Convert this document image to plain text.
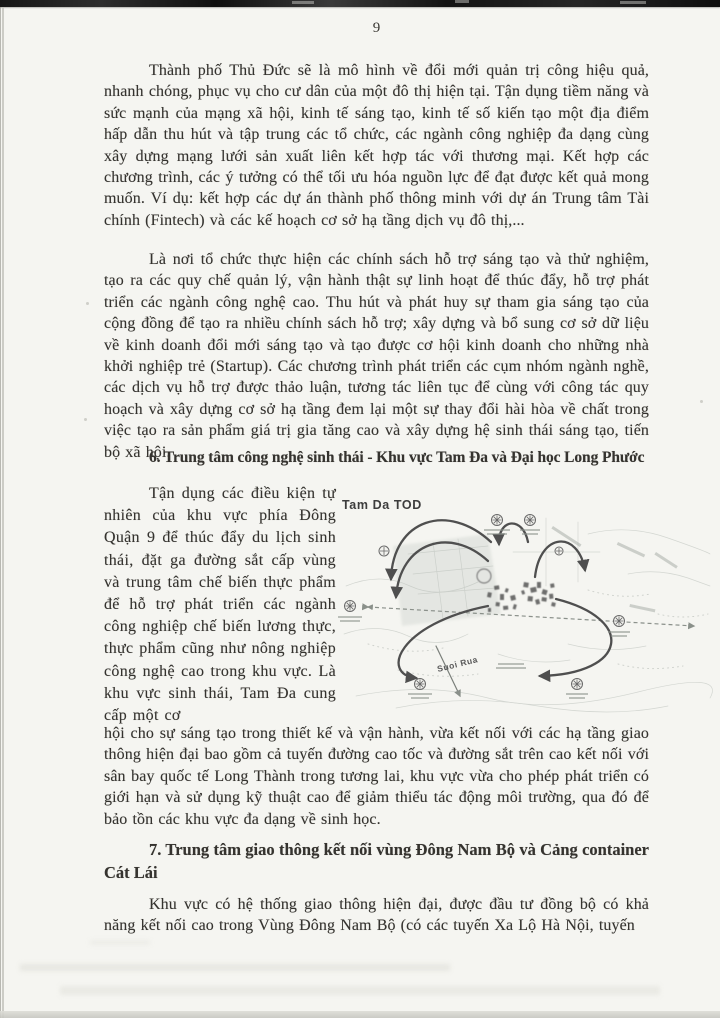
9

Thành phố Thủ Đức sẽ là mô hình về đổi mới quản trị công hiệu quả, nhanh chóng, phục vụ cho cư dân của một đô thị hiện tại. Tận dụng tiềm năng và sức mạnh của mạng xã hội, kinh tế sáng tạo, kinh tế số kiến tạo một địa điểm hấp dẫn thu hút và tập trung các tổ chức, các ngành công nghiệp đa dạng cùng xây dựng mạng lưới sản xuất liên kết hợp tác với thương mại. Kết hợp các chương trình, các ý tưởng có thể tối ưu hóa nguồn lực để đạt được kết quả mong muốn. Ví dụ: kết hợp các dự án thành phố thông minh với dự án Trung tâm Tài chính (Fintech) và các kế hoạch cơ sở hạ tầng dịch vụ đô thị,...

Là nơi tổ chức thực hiện các chính sách hỗ trợ sáng tạo và thử nghiệm, tạo ra các quy chế quản lý, vận hành thật sự linh hoạt để thúc đẩy, hỗ trợ phát triển các ngành công nghệ cao. Thu hút và phát huy sự tham gia sáng tạo của cộng đồng để tạo ra nhiều chính sách hỗ trợ; xây dựng và bổ sung cơ sở dữ liệu về kinh doanh đổi mới sáng tạo và tạo được cơ hội kinh doanh cho những nhà khởi nghiệp trẻ (Startup). Các chương trình phát triển các cụm nhóm ngành nghề, các dịch vụ hỗ trợ được thảo luận, tương tác liên tục để cùng với công tác quy hoạch và xây dựng cơ sở hạ tầng đem lại một sự thay đổi hài hòa về chất trong việc tạo ra sản phẩm giá trị gia tăng cao và xây dựng hệ sinh thái sáng tạo, tiến bộ xã hội.

6. Trung tâm công nghệ sinh thái - Khu vực Tam Đa và Đại học Long Phước

Tận dụng các điều kiện tự nhiên của khu vực phía Đông Quận 9 để thúc đẩy du lịch sinh thái, đặt ga đường sắt cấp vùng và trung tâm chế biến thực phẩm để hỗ trợ phát triển các ngành công nghiệp chế biến lương thực, thực phẩm cũng như nông nghiệp công nghệ cao trong khu vực. Là khu vực sinh thái, Tam Đa cung cấp một cơ

Tam Da TOD
Suoi Rua

hội cho sự sáng tạo trong thiết kế và vận hành, vừa kết nối với các hạ tầng giao thông hiện đại bao gồm cả tuyến đường cao tốc và đường sắt trên cao kết nối với sân bay quốc tế Long Thành trong tương lai, khu vực vừa cho phép phát triển có giới hạn và sử dụng kỹ thuật cao để giảm thiểu tác động môi trường, qua đó để bảo tồn các khu vực đa dạng về sinh học.

7. Trung tâm giao thông kết nối vùng Đông Nam Bộ và Cảng container Cát Lái

Khu vực có hệ thống giao thông hiện đại, được đầu tư đồng bộ có khả năng kết nối cao trong Vùng Đông Nam Bộ (có các tuyến Xa Lộ Hà Nội, tuyến
